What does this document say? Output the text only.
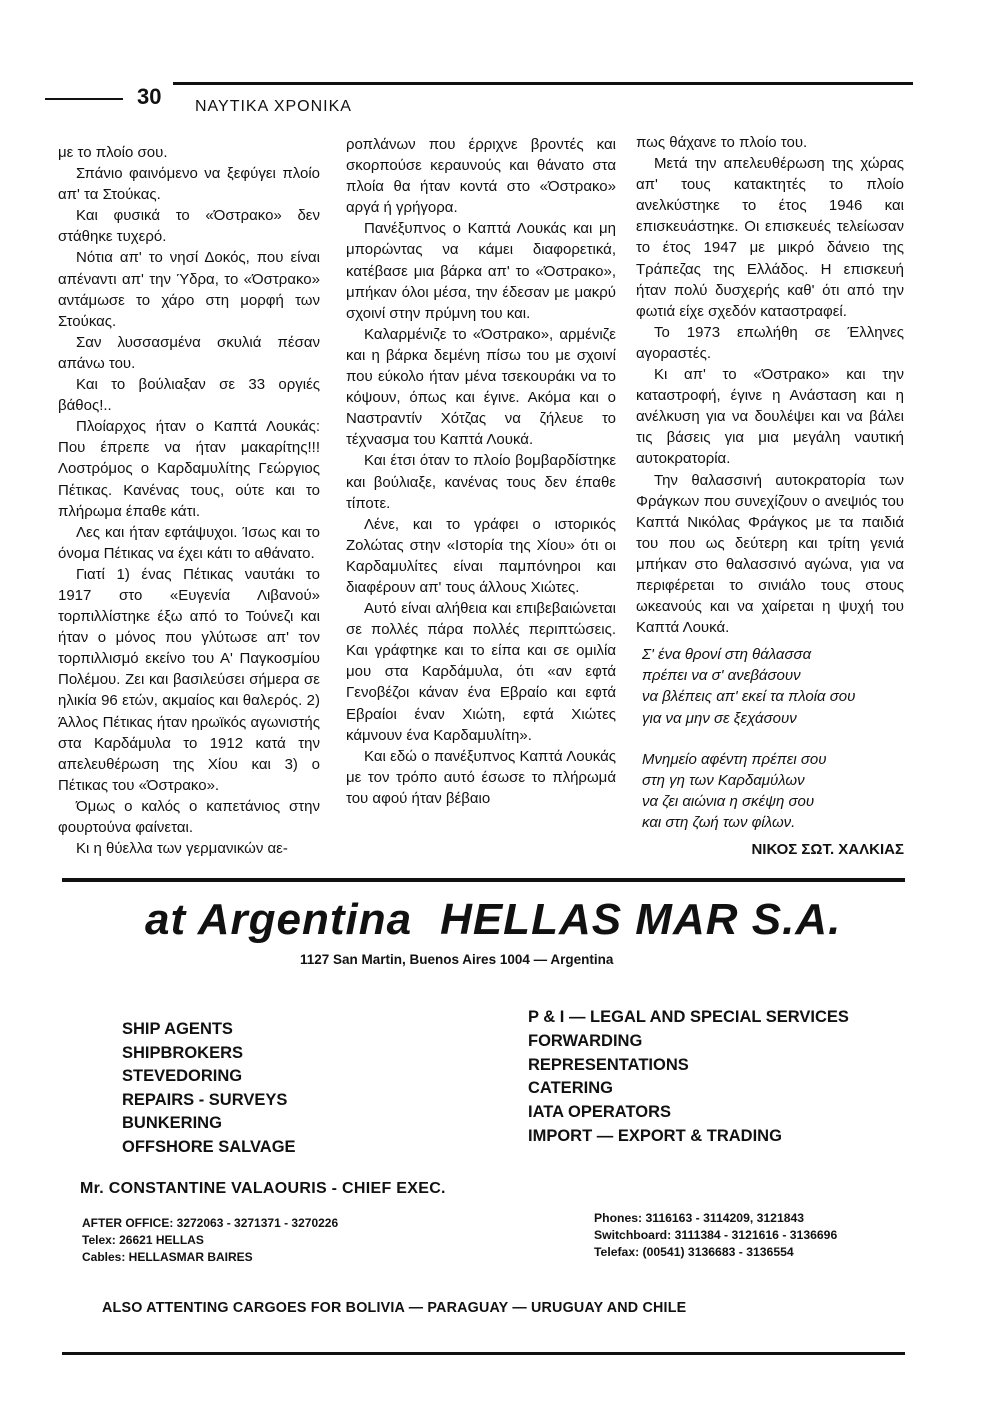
30 ΝΑΥΤΙΚΑ ΧΡΟΝΙΚΑ

με το πλοίο σου.

Σπάνιο φαινόμενο να ξεφύγει πλοίο απ' τα Στούκας.

Και φυσικά το «Όστρακο» δεν στάθηκε τυχερό.

Νότια απ' το νησί Δοκός, που είναι απέναντι απ' την Ύδρα, το «Όστρακο» αντάμωσε το χάρο στη μορφή των Στούκας.

Σαν λυσσασμένα σκυλιά πέσαν απάνω του.

Και το βούλιαξαν σε 33 οργιές βάθος!..

Πλοίαρχος ήταν ο Καπτά Λουκάς: Που έπρεπε να ήταν μακαρίτης!!! Λοστρόμος ο Καρδαμυλίτης Γεώργιος Πέτικας. Κανένας τους, ούτε και το πλήρωμα έπαθε κάτι.

Λες και ήταν εφτάψυχοι. Ίσως και το όνομα Πέτικας να έχει κάτι το αθάνατο.

Γιατί 1) ένας Πέτικας ναυτάκι το 1917 στο «Ευγενία Λιβανού» τορπιλλίστηκε έξω από το Τούνεζι και ήταν ο μόνος που γλύτωσε απ' τον τορπιλλισμό εκείνο του Α' Παγκοσμίου Πολέμου. Ζει και βασιλεύσει σήμερα σε ηλικία 96 ετών, ακμαίος και θαλερός. 2) Άλλος Πέτικας ήταν ηρωϊκός αγωνιστής στα Καρδάμυλα το 1912 κατά την απελευθέρωση της Χίου και 3) ο Πέτικας του «Όστρακο».

Όμως ο καλός ο καπετάνιος στην φουρτούνα φαίνεται.

Κι η θύελλα των γερμανικών αε-

ροπλάνων που έρριχνε βροντές και σκορπούσε κεραυνούς και θάνατο στα πλοία θα ήταν κοντά στο «Όστρακο» αργά ή γρήγορα.

Πανέξυπνος ο Καπτά Λουκάς και μη μπορώντας να κάμει διαφορετικά, κατέβασε μια βάρκα απ' το «Όστρακο», μπήκαν όλοι μέσα, την έδεσαν με μακρύ σχοινί στην πρύμνη του και.

Καλαρμένιζε το «Όστρακο», αρμένιζε και η βάρκα δεμένη πίσω του με σχοινί που εύκολο ήταν μένα τσεκουράκι να το κόψουν, όπως και έγινε. Ακόμα και ο Ναστραντίν Χότζας να ζήλευε το τέχνασμα του Καπτά Λουκά.

Και έτσι όταν το πλοίο βομβαρδίστηκε και βούλιαξε, κανένας τους δεν έπαθε τίποτε.

Λένε, και το γράφει ο ιστορικός Ζολώτας στην «Ιστορία της Χίου» ότι οι Καρδαμυλίτες είναι παμπόνηροι και διαφέρουν απ' τους άλλους Χιώτες.

Αυτό είναι αλήθεια και επιβεβαιώνεται σε πολλές πάρα πολλές περιπτώσεις. Και γράφτηκε και το είπα και σε ομιλία μου στα Καρδάμυλα, ότι «αν εφτά Γενοβέζοι κάναν ένα Εβραίο και εφτά Εβραίοι έναν Χιώτη, εφτά Χιώτες κάμνουν ένα Καρδαμυλίτη».

Και εδώ ο πανέξυπνος Καπτά Λουκάς με τον τρόπο αυτό έσωσε το πλήρωμά του αφού ήταν βέβαιο

πως θάχανε το πλοίο του.

Μετά την απελευθέρωση της χώρας απ' τους κατακτητές το πλοίο ανελκύστηκε το έτος 1946 και επισκευάστηκε. Οι επισκευές τελείωσαν το έτος 1947 με μικρό δάνειο της Τράπεζας της Ελλάδος. Η επισκευή ήταν πολύ δυσχερής καθ' ότι από την φωτιά είχε σχεδόν καταστραφεί.

Το 1973 επωλήθη σε Έλληνες αγοραστές.

Κι απ' το «Όστρακο» και την καταστροφή, έγινε η Ανάσταση και η ανέλκυση για να δουλέψει και να βάλει τις βάσεις για μια μεγάλη ναυτική αυτοκρατορία.

Την θαλασσινή αυτοκρατορία των Φράγκων που συνεχίζουν ο ανεψιός του Καπτά Νικόλας Φράγκος με τα παιδιά του που ως δεύτερη και τρίτη γενιά μπήκαν στο θαλασσινό αγώνα, για να περιφέρεται το σινιάλο τους στους ωκεανούς και να χαίρεται η ψυχή του Καπτά Λουκά.

Σ' ένα θρονί στη θάλασσα
πρέπει να σ' ανεβάσουν
να βλέπεις απ' εκεί τα πλοία σου
για να μην σε ξεχάσουν
Μνημείο αφέντη πρέπει σου
στη γη των Καρδαμύλων
να ζει αιώνια η σκέψη σου
και στη ζωή των φίλων.
ΝΙΚΟΣ ΣΩΤ. ΧΑΛΚΙΑΣ
at Argentina HELLAS MAR S.A.
1127 San Martin, Buenos Aires 1004 — Argentina
SHIP AGENTS
SHIPBROKERS
STEVEDORING
REPAIRS - SURVEYS
BUNKERING
OFFSHORE SALVAGE
P & I — LEGAL AND SPECIAL SERVICES
FORWARDING
REPRESENTATIONS
CATERING
IATA OPERATORS
IMPORT — EXPORT & TRADING
Mr. CONSTANTINE VALAOURIS - CHIEF EXEC.
AFTER OFFICE: 3272063 - 3271371 - 3270226
Telex: 26621 HELLAS
Cables: HELLASMAR BAIRES
Phones: 3116163 - 3114209, 3121843
Switchboard: 3111384 - 3121616 - 3136696
Telefax: (00541) 3136683 - 3136554
ALSO ATTENTING CARGOES FOR BOLIVIA — PARAGUAY — URUGUAY AND CHILE
